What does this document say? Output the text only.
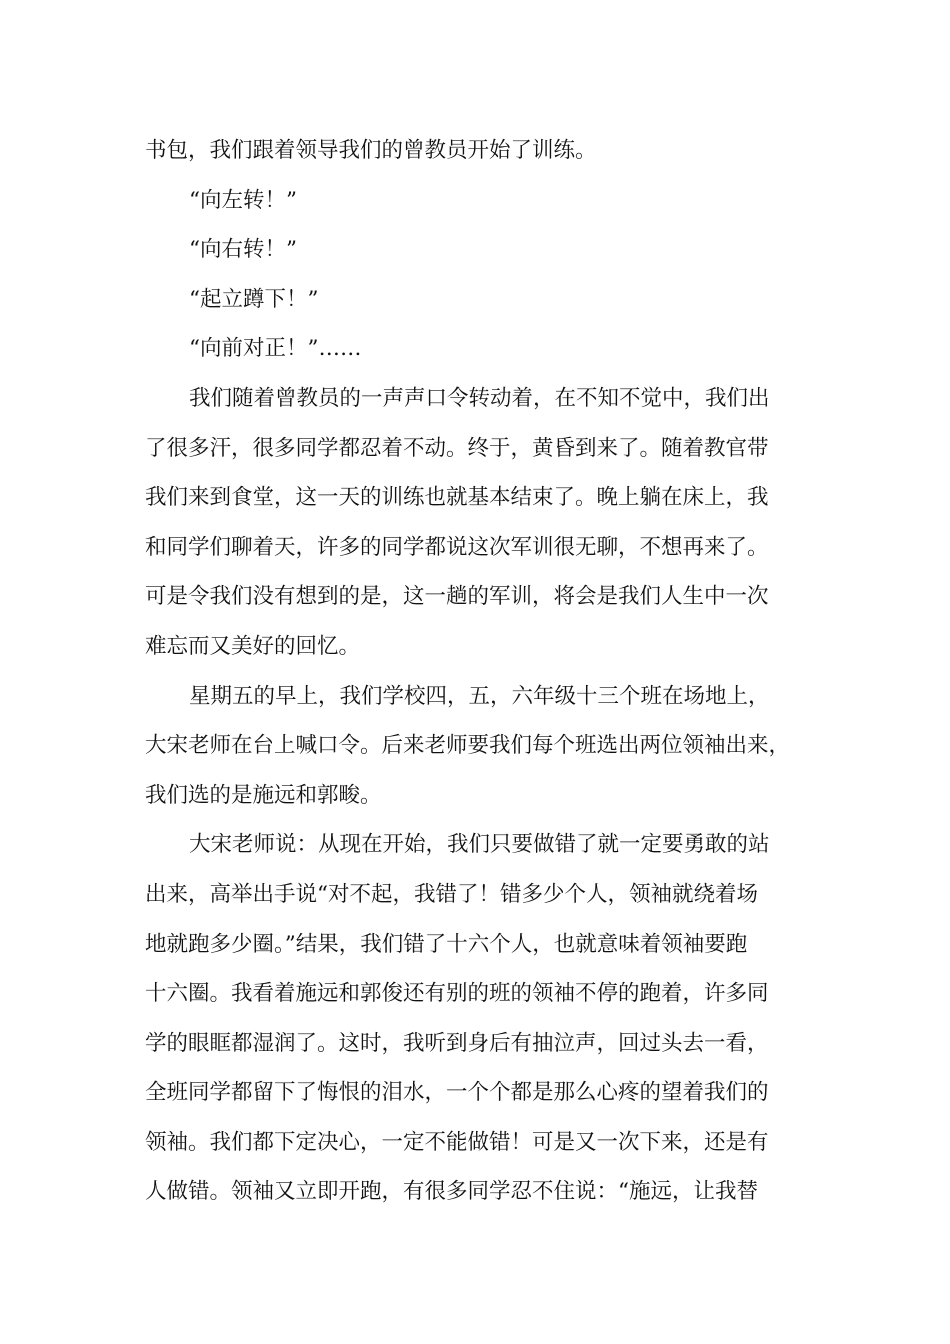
书包，我们跟着领导我们的曾教员开始了训练。
“向左转！”
“向右转！”
“起立蹲下！”
“向前对正！”……
我们随着曾教员的一声声口令转动着，在不知不觉中，我们出
了很多汗，很多同学都忍着不动。终于，黄昏到来了。随着教官带
我们来到食堂，这一天的训练也就基本结束了。晚上躺在床上，我
和同学们聊着天，许多的同学都说这次军训很无聊，不想再来了。
可是令我们没有想到的是，这一趟的军训，将会是我们人生中一次
难忘而又美好的回忆。
星期五的早上，我们学校四，五，六年级十三个班在场地上，
大宋老师在台上喊口令。后来老师要我们每个班选出两位领袖出来，
我们选的是施远和郭畯。
大宋老师说：从现在开始，我们只要做错了就一定要勇敢的站
出来，高举出手说“对不起，我错了！错多少个人，领袖就绕着场
地就跑多少圈。”结果，我们错了十六个人，也就意味着领袖要跑
十六圈。我看着施远和郭俊还有别的班的领袖不停的跑着，许多同
学的眼眶都湿润了。这时，我听到身后有抽泣声，回过头去一看，
全班同学都留下了悔恨的泪水，一个个都是那么心疼的望着我们的
领袖。我们都下定决心，一定不能做错！可是又一次下来，还是有
人做错。领袖又立即开跑，有很多同学忍不住说：“施远，让我替
